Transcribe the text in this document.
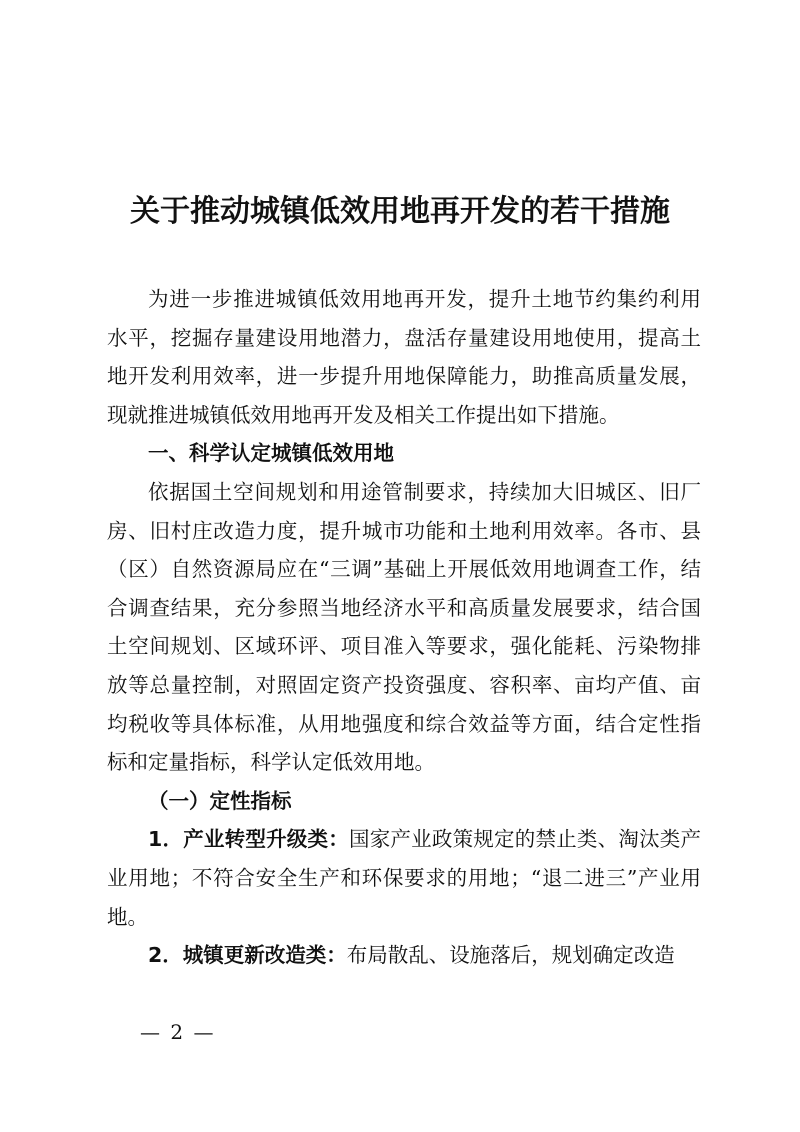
关于推动城镇低效用地再开发的若干措施

为进一步推进城镇低效用地再开发，提升土地节约集约利用水平，挖掘存量建设用地潜力，盘活存量建设用地使用，提高土地开发利用效率，进一步提升用地保障能力，助推高质量发展，现就推进城镇低效用地再开发及相关工作提出如下措施。

一、科学认定城镇低效用地

依据国土空间规划和用途管制要求，持续加大旧城区、旧厂房、旧村庄改造力度，提升城市功能和土地利用效率。各市、县（区）自然资源局应在“三调”基础上开展低效用地调查工作，结合调查结果，充分参照当地经济水平和高质量发展要求，结合国土空间规划、区域环评、项目准入等要求，强化能耗、污染物排放等总量控制，对照固定资产投资强度、容积率、亩均产值、亩均税收等具体标准，从用地强度和综合效益等方面，结合定性指标和定量指标，科学认定低效用地。

（一）定性指标

1．产业转型升级类：国家产业政策规定的禁止类、淘汰类产业用地；不符合安全生产和环保要求的用地；“退二进三”产业用地。

2．城镇更新改造类：布局散乱、设施落后，规划确定改造

— 2 —
